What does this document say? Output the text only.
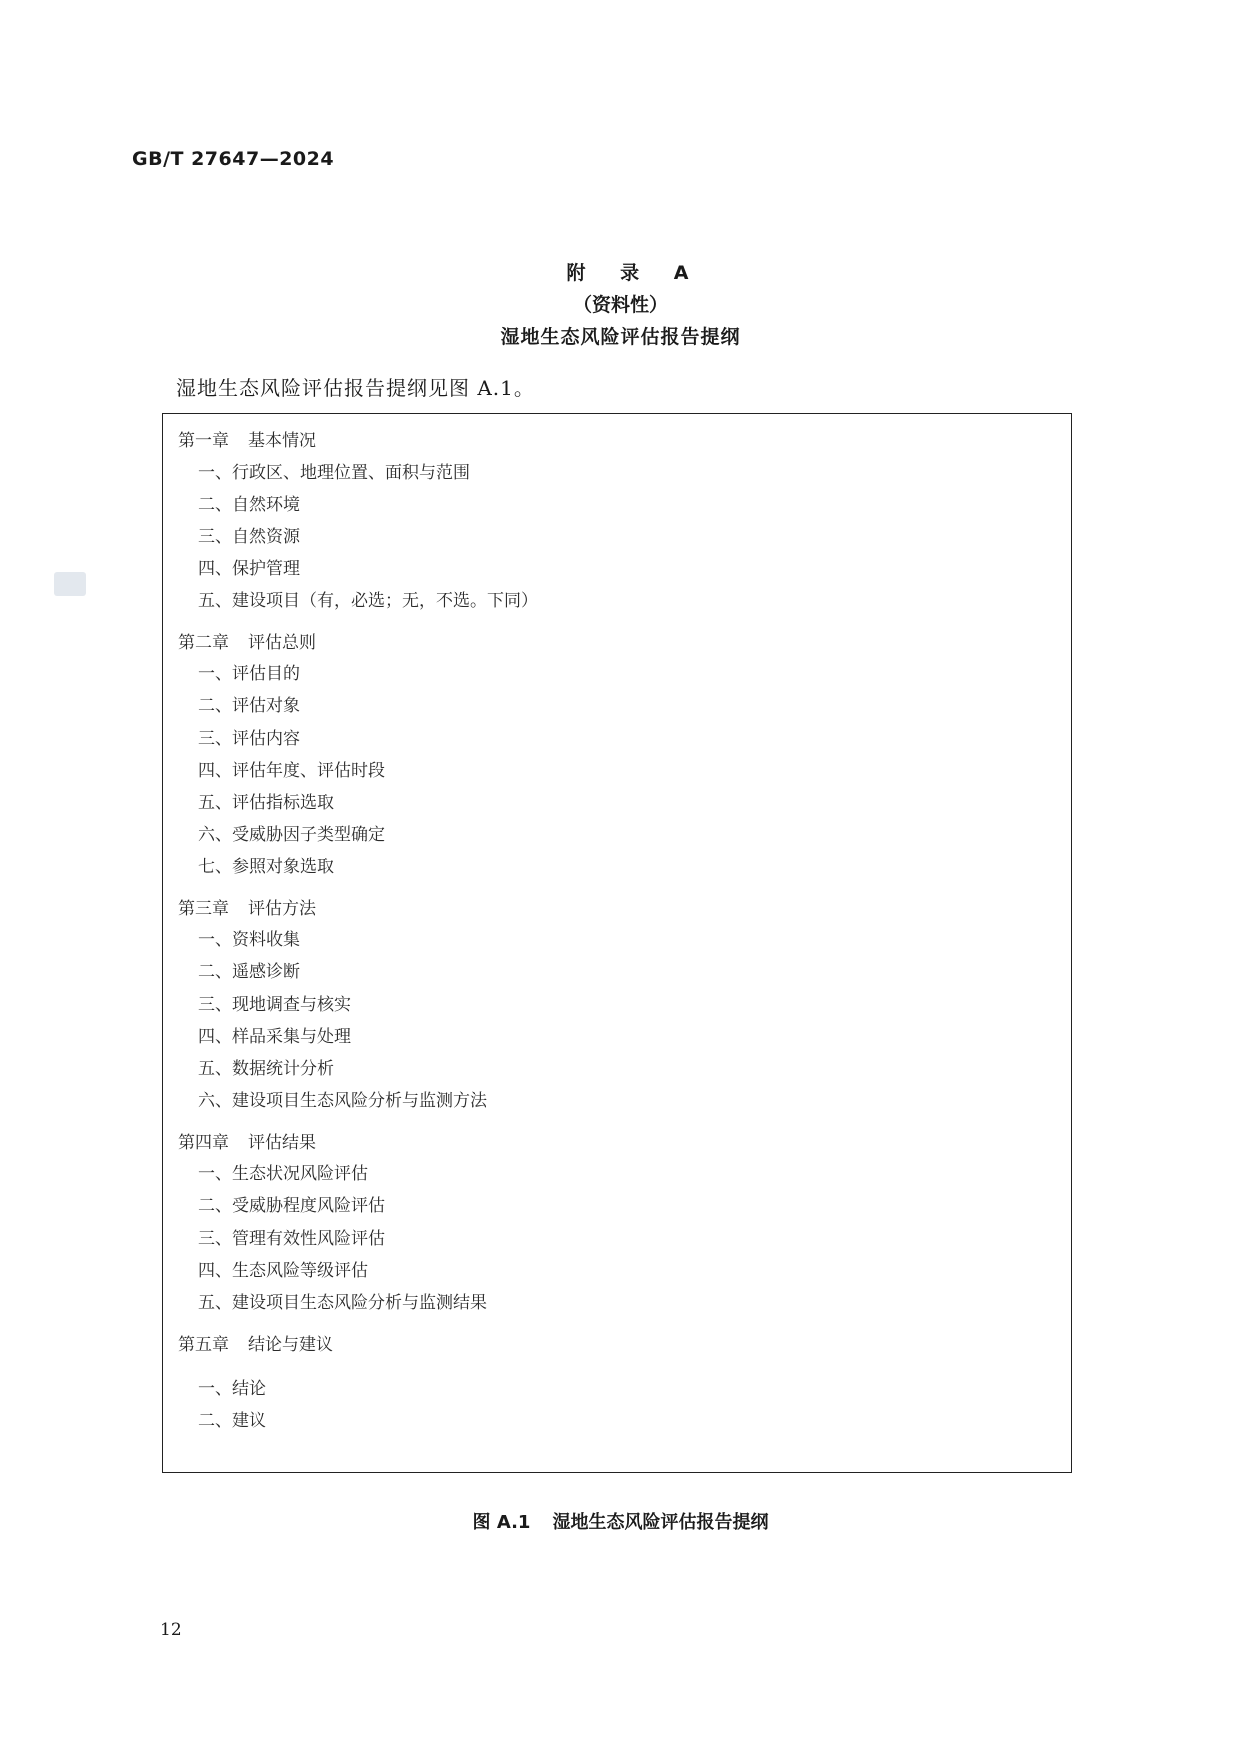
GB/T 27647—2024
附 录 A
（资料性）
湿地生态风险评估报告提纲
湿地生态风险评估报告提纲见图 A.1。
第一章 基本情况
一、行政区、地理位置、面积与范围
二、自然环境
三、自然资源
四、保护管理
五、建设项目（有，必选；无，不选。下同）
第二章 评估总则
一、评估目的
二、评估对象
三、评估内容
四、评估年度、评估时段
五、评估指标选取
六、受威胁因子类型确定
七、参照对象选取
第三章 评估方法
一、资料收集
二、遥感诊断
三、现地调查与核实
四、样品采集与处理
五、数据统计分析
六、建设项目生态风险分析与监测方法
第四章 评估结果
一、生态状况风险评估
二、受威胁程度风险评估
三、管理有效性风险评估
四、生态风险等级评估
五、建设项目生态风险分析与监测结果
第五章 结论与建议
一、结论
二、建议
图 A.1 湿地生态风险评估报告提纲
12
